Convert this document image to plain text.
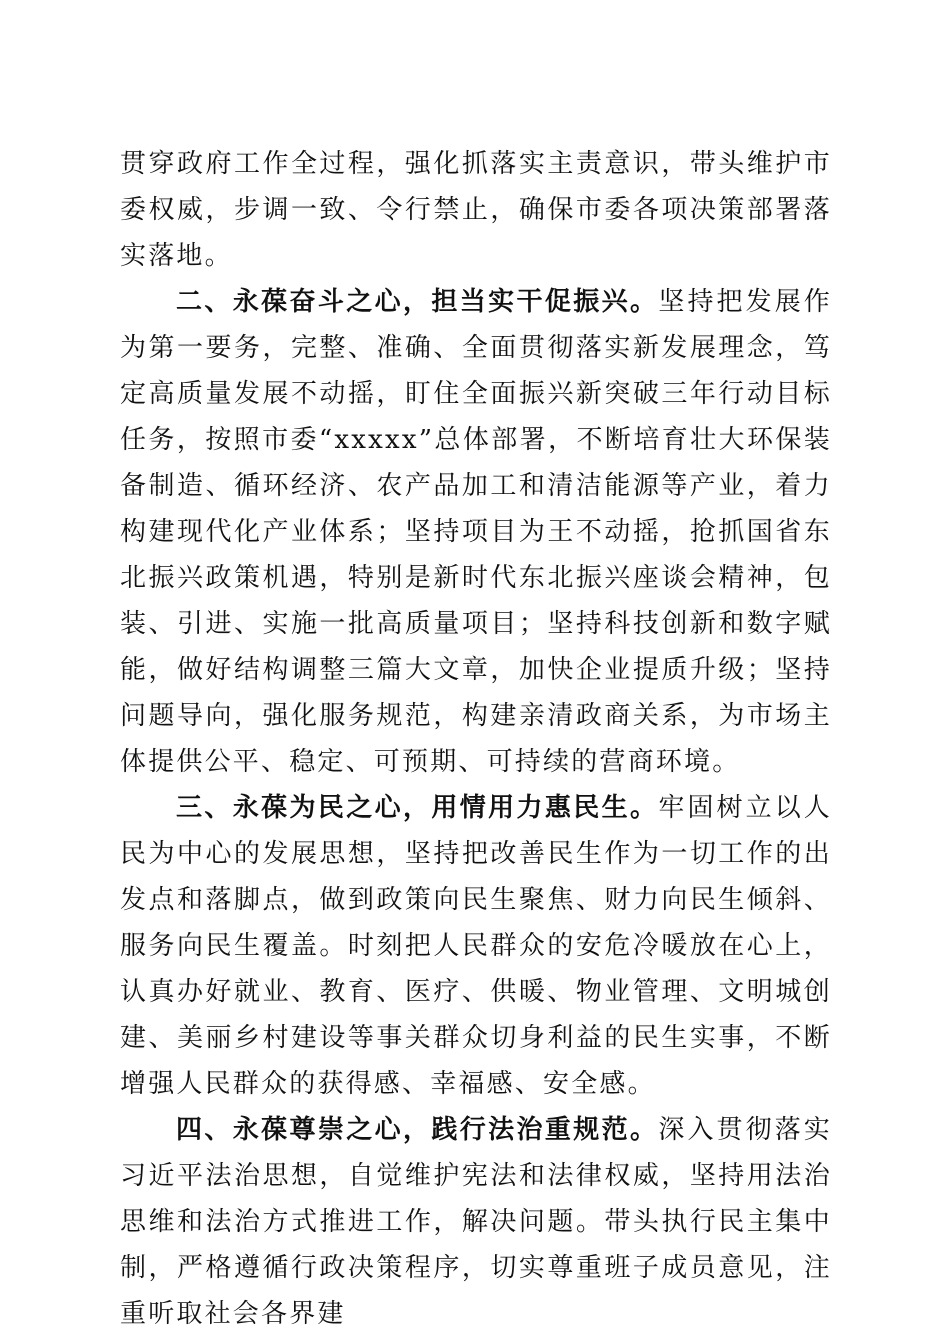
贯穿政府工作全过程，强化抓落实主责意识，带头维护市委权威，步调一致、令行禁止，确保市委各项决策部署落实落地。

二、永葆奋斗之心，担当实干促振兴。坚持把发展作为第一要务，完整、准确、全面贯彻落实新发展理念，笃定高质量发展不动摇，盯住全面振兴新突破三年行动目标任务，按照市委“xxxxx”总体部署，不断培育壮大环保装备制造、循环经济、农产品加工和清洁能源等产业，着力构建现代化产业体系；坚持项目为王不动摇，抢抓国省东北振兴政策机遇，特别是新时代东北振兴座谈会精神，包装、引进、实施一批高质量项目；坚持科技创新和数字赋能，做好结构调整三篇大文章，加快企业提质升级；坚持问题导向，强化服务规范，构建亲清政商关系，为市场主体提供公平、稳定、可预期、可持续的营商环境。

三、永葆为民之心，用情用力惠民生。牢固树立以人民为中心的发展思想，坚持把改善民生作为一切工作的出发点和落脚点，做到政策向民生聚焦、财力向民生倾斜、服务向民生覆盖。时刻把人民群众的安危冷暖放在心上，认真办好就业、教育、医疗、供暖、物业管理、文明城创建、美丽乡村建设等事关群众切身利益的民生实事，不断增强人民群众的获得感、幸福感、安全感。

四、永葆尊崇之心，践行法治重规范。深入贯彻落实习近平法治思想，自觉维护宪法和法律权威，坚持用法治思维和法治方式推进工作，解决问题。带头执行民主集中制，严格遵循行政决策程序，切实尊重班子成员意见，注重听取社会各界建
